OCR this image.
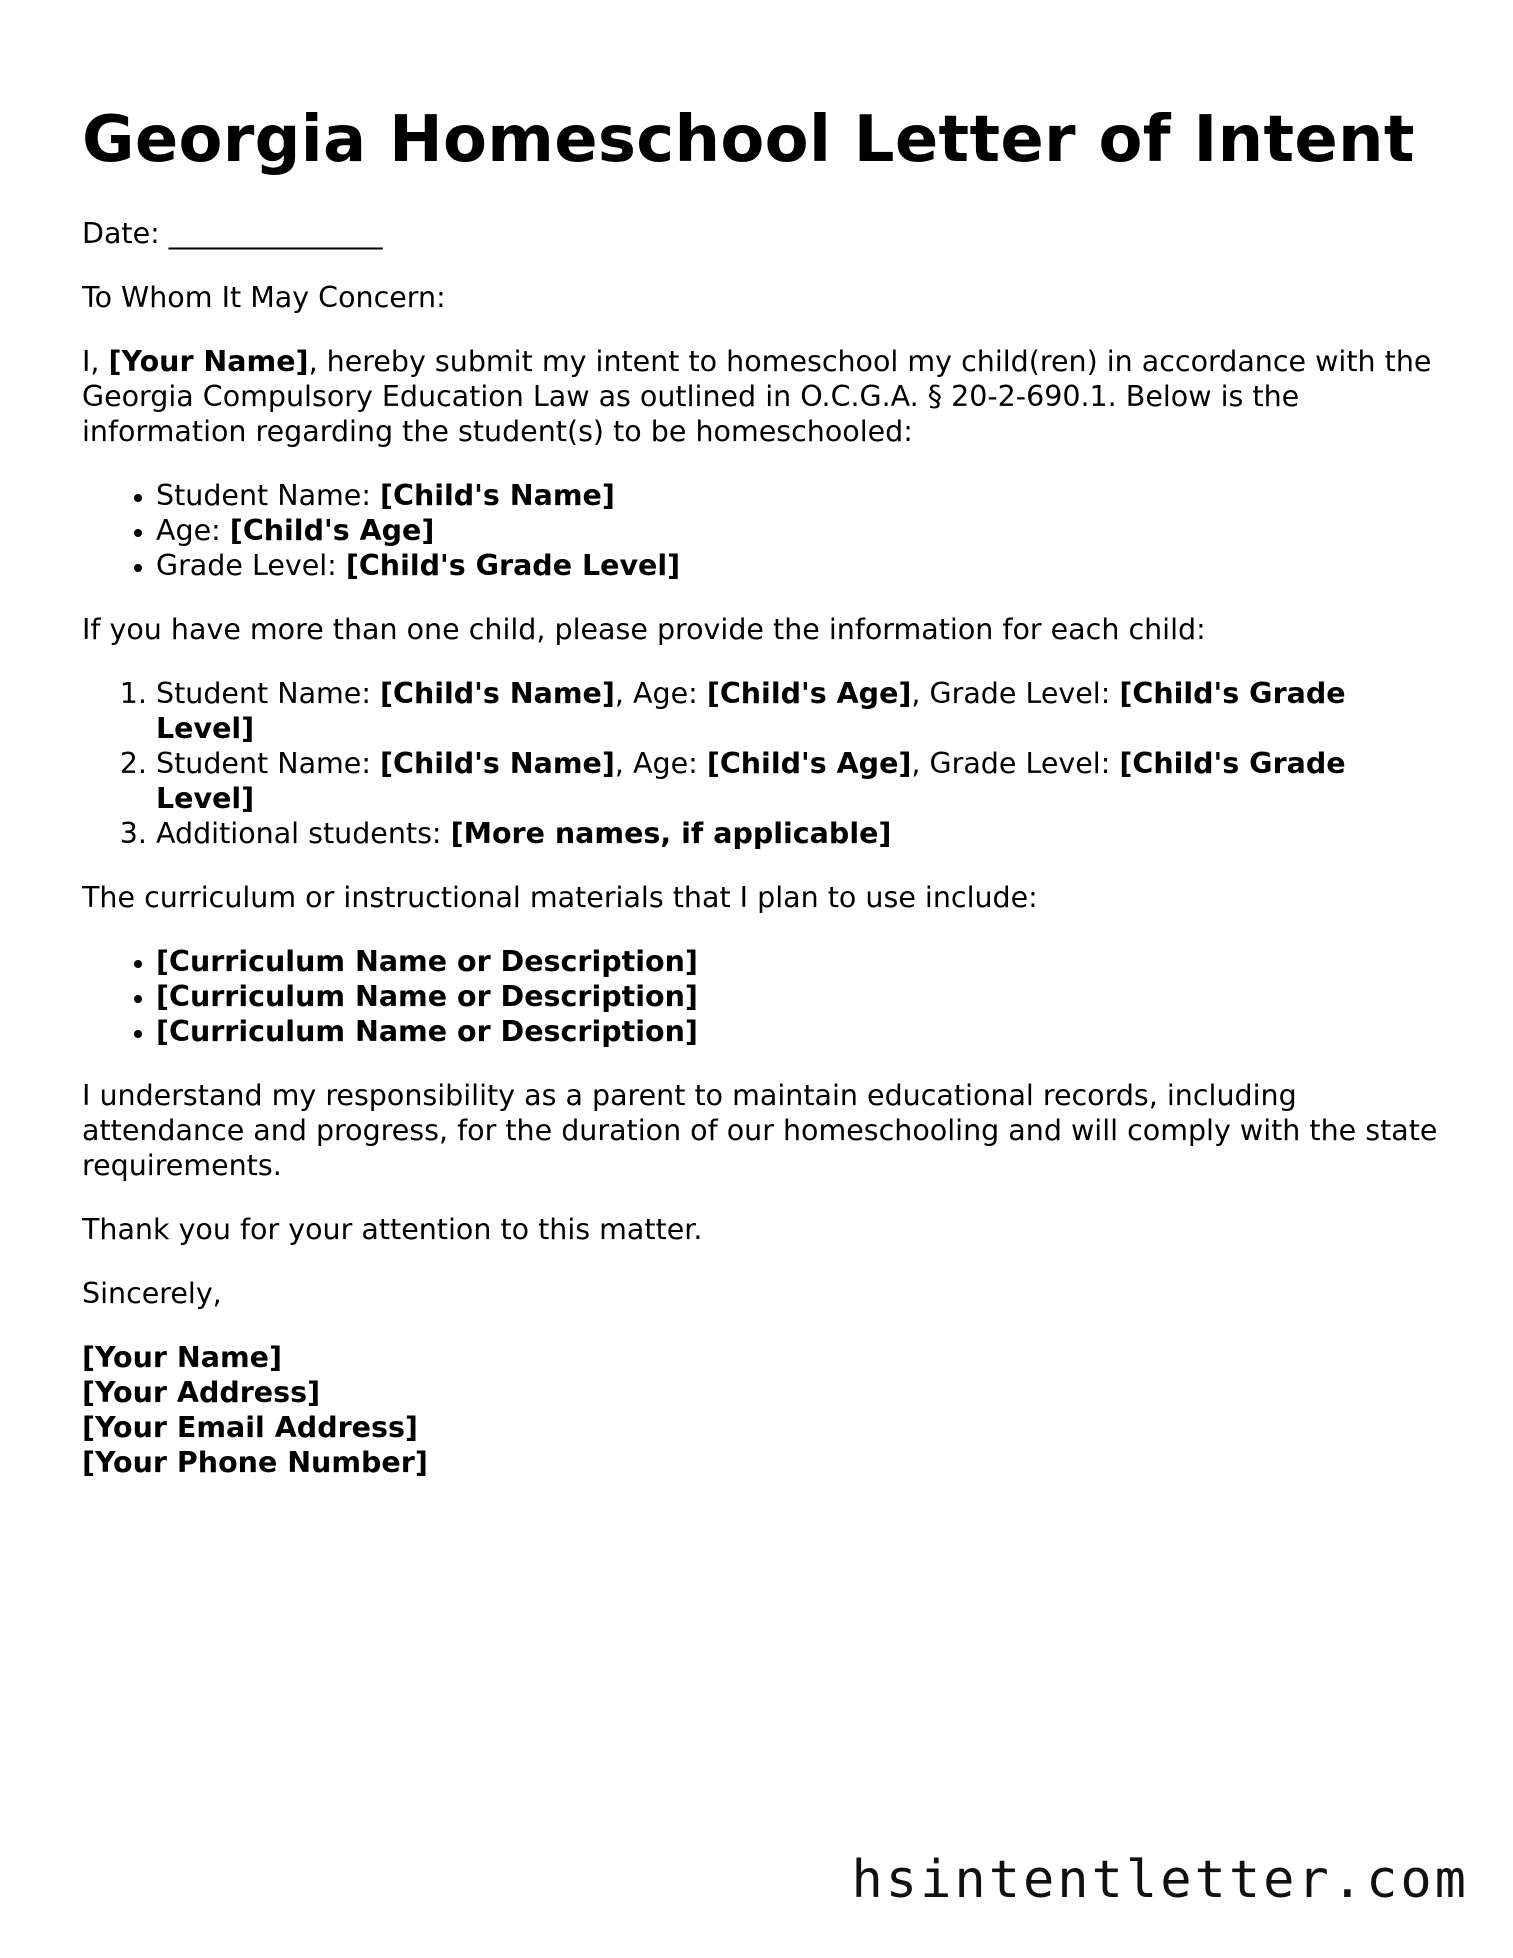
Georgia Homeschool Letter of Intent

Date: _______________

To Whom It May Concern:

I, [Your Name], hereby submit my intent to homeschool my child(ren) in accordance with the Georgia Compulsory Education Law as outlined in O.C.G.A. § 20-2-690.1. Below is the information regarding the student(s) to be homeschooled:

• Student Name: [Child's Name]
• Age: [Child's Age]
• Grade Level: [Child's Grade Level]

If you have more than one child, please provide the information for each child:

1. Student Name: [Child's Name], Age: [Child's Age], Grade Level: [Child's Grade Level]
2. Student Name: [Child's Name], Age: [Child's Age], Grade Level: [Child's Grade Level]
3. Additional students: [More names, if applicable]

The curriculum or instructional materials that I plan to use include:

• [Curriculum Name or Description]
• [Curriculum Name or Description]
• [Curriculum Name or Description]

I understand my responsibility as a parent to maintain educational records, including attendance and progress, for the duration of our homeschooling and will comply with the state requirements.

Thank you for your attention to this matter.

Sincerely,

[Your Name]
[Your Address]
[Your Email Address]
[Your Phone Number]
hsintentletter.com
